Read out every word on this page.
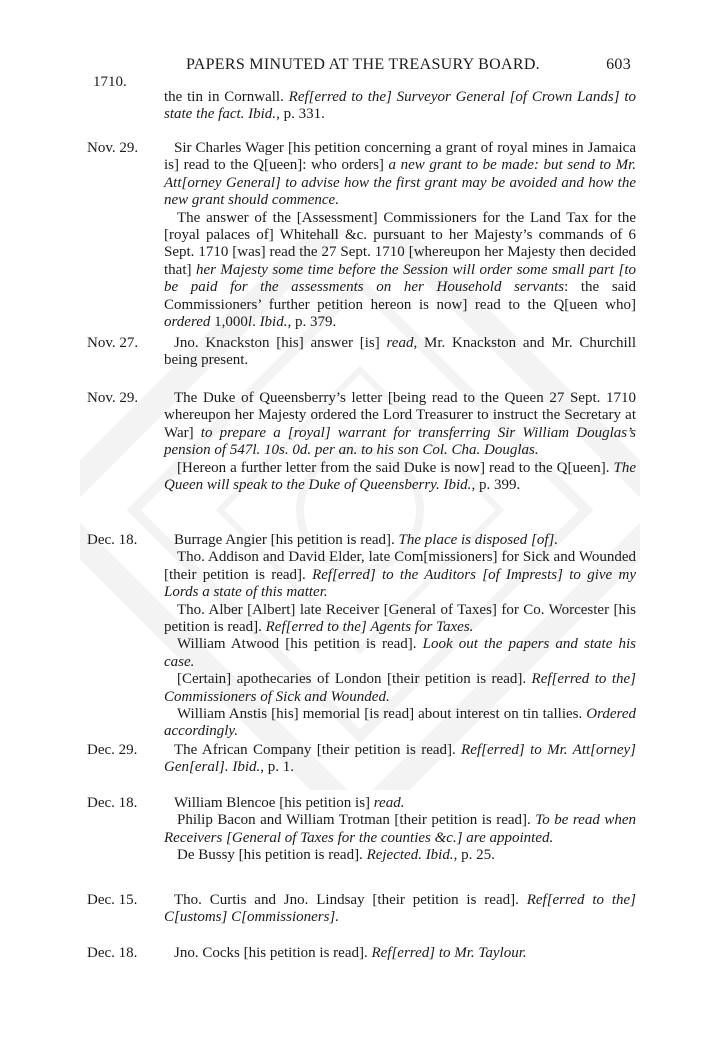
1710.
PAPERS MINUTED AT THE TREASURY BOARD.	603

the tin in Cornwall. Ref[erred to the] Surveyor General [of Crown Lands] to state the fact. Ibid., p. 331.

Nov. 29.	Sir Charles Wager [his petition concerning a grant of royal mines in Jamaica is] read to the Q[ueen]: who orders] a new grant to be made: but send to Mr. Att[orney General] to advise how the first grant may be avoided and how the new grant should commence.

The answer of the [Assessment] Commissioners for the Land Tax for the [royal palaces of] Whitehall &c. pursuant to her Majesty’s commands of 6 Sept. 1710 [was] read the 27 Sept. 1710 [whereupon her Majesty then decided that] her Majesty some time before the Session will order some small part [to be paid for the assessments on her Household servants: the said Commissioners’ further petition hereon is now] read to the Q[ueen who] ordered 1,000l. Ibid., p. 379.

Nov. 27.	Jno. Knackston [his] answer [is] read, Mr. Knackston and Mr. Churchill being present.

Nov. 29.	The Duke of Queensberry’s letter [being read to the Queen 27 Sept. 1710 whereupon her Majesty ordered the Lord Treasurer to instruct the Secretary at War] to prepare a [royal] warrant for transferring Sir William Douglas’s pension of 547l. 10s. 0d. per an. to his son Col. Cha. Douglas.

[Hereon a further letter from the said Duke is now] read to the Q[ueen]. The Queen will speak to the Duke of Queensberry. Ibid., p. 399.

Dec. 18.	Burrage Angier [his petition is read]. The place is disposed [of].

Tho. Addison and David Elder, late Com[missioners] for Sick and Wounded [their petition is read]. Ref[erred] to the Auditors [of Imprests] to give my Lords a state of this matter.

Tho. Alber [Albert] late Receiver [General of Taxes] for Co. Worcester [his petition is read]. Ref[erred to the] Agents for Taxes.

William Atwood [his petition is read]. Look out the papers and state his case.

[Certain] apothecaries of London [their petition is read]. Ref[erred to the] Commissioners of Sick and Wounded.

William Anstis [his] memorial [is read] about interest on tin tallies. Ordered accordingly.

Dec. 29.	The African Company [their petition is read]. Ref[erred] to Mr. Att[orney] Gen[eral]. Ibid., p. 1.

Dec. 18.	William Blencoe [his petition is] read.

Philip Bacon and William Trotman [their petition is read]. To be read when Receivers [General of Taxes for the counties &c.] are appointed.

De Bussy [his petition is read]. Rejected. Ibid., p. 25.

Dec. 15.	Tho. Curtis and Jno. Lindsay [their petition is read]. Ref[erred to the] C[ustoms] C[ommissioners].

Dec. 18.	Jno. Cocks [his petition is read]. Ref[erred] to Mr. Taylour.
